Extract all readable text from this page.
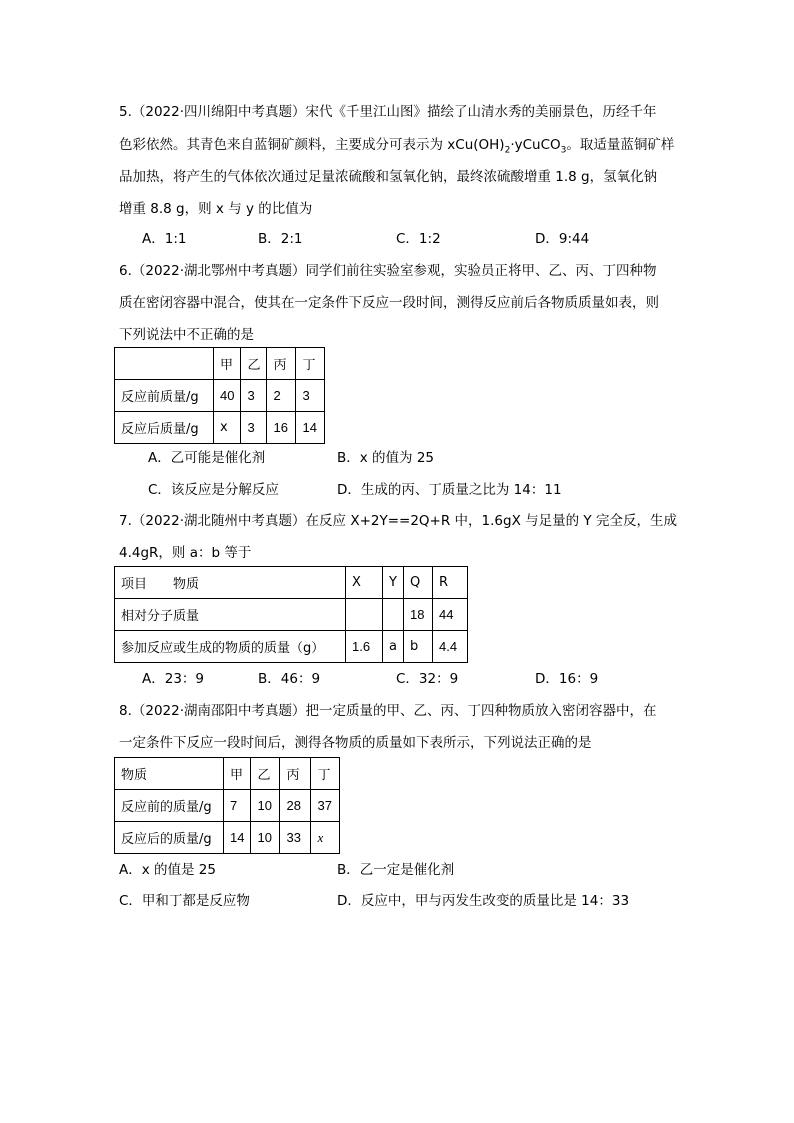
5.（2022·四川绵阳中考真题）宋代《千里江山图》描绘了山清水秀的美丽景色，历经千年
色彩依然。其青色来自蓝铜矿颜料，主要成分可表示为 $xCu(OH)_2\cdot yCuCO_3$。取适量蓝铜矿样
品加热，将产生的气体依次通过足量浓硫酸和氢氧化钠，最终浓硫酸增重 1.8 g，氢氧化钠
增重 8.8 g，则 x 与 y 的比值为
A．1:1	B．2:1	C．1:2	D．9:44
6.（2022·湖北鄂州中考真题）同学们前往实验室参观，实验员正将甲、乙、丙、丁四种物
质在密闭容器中混合，使其在一定条件下反应一段时间，测得反应前后各物质质量如表，则
下列说法中不正确的是
	甲	乙	丙	丁
反应前质量/g	40	3	2	3
反应后质量/g	x	3	16	14
A．乙可能是催化剂	B．x 的值为 25
C．该反应是分解反应	D．生成的丙、丁质量之比为 14：11
7.（2022·湖北随州中考真题）在反应 X+2Y==2Q+R 中，1.6gX 与足量的 Y 完全反，生成
4.4gR，则 a：b 等于
项目　　物质	X	Y	Q	R
相对分子质量			18	44
参加反应或生成的物质的质量（g）	1.6	a	b	4.4
A．23：9	B．46：9	C．32：9	D．16：9
8.（2022·湖南邵阳中考真题）把一定质量的甲、乙、丙、丁四种物质放入密闭容器中，在
一定条件下反应一段时间后，测得各物质的质量如下表所示，下列说法正确的是
物质	甲	乙	丙	丁
反应前的质量/g	7	10	28	37
反应后的质量/g	14	10	33	x
A．x 的值是 25	B．乙一定是催化剂
C．甲和丁都是反应物	D．反应中，甲与丙发生改变的质量比是 14：33
